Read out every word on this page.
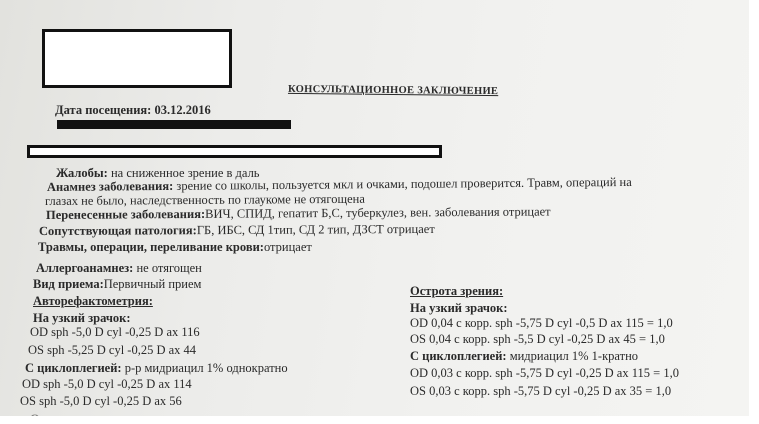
КОНСУЛЬТАЦИОННОЕ ЗАКЛЮЧЕНИЕ
Дата посещения: 03.12.2016
Жалобы: на сниженное зрение в даль
Анамнез заболевания: зрение со школы, пользуется мкл и очками, подошел проверится. Травм, операций на
глазах не было, наследственность по глаукоме не отягощена
Перенесенные заболевания:ВИЧ, СПИД, гепатит Б,С, туберкулез, вен. заболевания отрицает
Сопутствующая патология:ГБ, ИБС, СД 1тип, СД 2 тип, ДЗСТ отрицает
Травмы, операции, переливание крови:отрицает
Аллергоанамнез: не отягощен
Вид приема:Первичный прием
Авторефактометрия:
На узкий зрачок:
OD sph -5,0 D cyl -0,25 D ax 116
OS sph -5,25 D cyl -0,25 D ax 44
С циклоплегией: р-р мидриацил 1% однократно
OD sph -5,0 D cyl -0,25 D ax 114
OS sph -5,0 D cyl -0,25 D ax 56
Острота зрения:
На узкий зрачок:
OD 0,04 с корр. sph -5,75 D cyl -0,5 D ax 115 = 1,0
OS 0,04 с корр. sph -5,5 D cyl -0,25 D ax 45 = 1,0
С циклоплегией: мидриацил 1% 1-кратно
OD 0,03 с корр. sph -5,75 D cyl -0,25 D ax 115 = 1,0
OS 0,03 с корр. sph -5,75 D cyl -0,25 D ax 35 = 1,0
